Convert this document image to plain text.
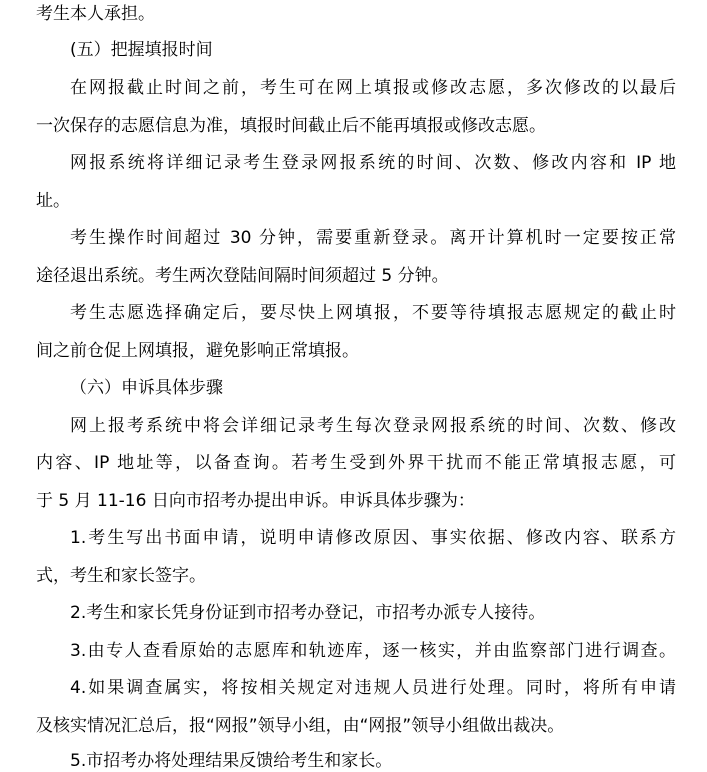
考生本人承担。
(五）把握填报时间
在网报截止时间之前，考生可在网上填报或修改志愿，多次修改的以最后
一次保存的志愿信息为准，填报时间截止后不能再填报或修改志愿。
网报系统将详细记录考生登录网报系统的时间、次数、修改内容和 IP 地
址。
考生操作时间超过 30 分钟，需要重新登录。离开计算机时一定要按正常
途径退出系统。考生两次登陆间隔时间须超过 5 分钟。
考生志愿选择确定后，要尽快上网填报，不要等待填报志愿规定的截止时
间之前仓促上网填报，避免影响正常填报。
（六）申诉具体步骤
网上报考系统中将会详细记录考生每次登录网报系统的时间、次数、修改
内容、IP 地址等，以备查询。若考生受到外界干扰而不能正常填报志愿，可
于 5 月 11-16 日向市招考办提出申诉。申诉具体步骤为：
1.考生写出书面申请，说明申请修改原因、事实依据、修改内容、联系方
式，考生和家长签字。
2.考生和家长凭身份证到市招考办登记，市招考办派专人接待。
3.由专人查看原始的志愿库和轨迹库，逐一核实，并由监察部门进行调查。
4.如果调查属实，将按相关规定对违规人员进行处理。同时，将所有申请
及核实情况汇总后，报“网报”领导小组，由“网报”领导小组做出裁决。
5.市招考办将处理结果反馈给考生和家长。
